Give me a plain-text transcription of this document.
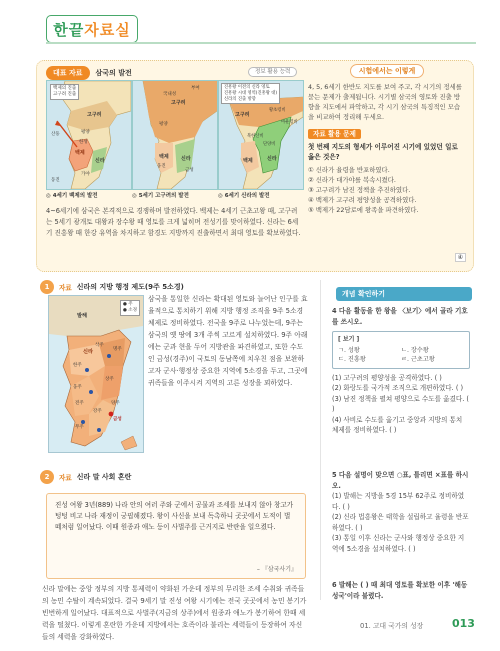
한끝 자료실
대표 자료	삼국의 발전	정보 활용 능력
백제의 진출
고구려 진출
고구려
백제
신라
평양
한성
가야
동진
산둥
고구려
백제 신라
국내성
평양
웅진
금성
부여	진흥왕 이전의 신라 영토
진흥왕 시대 영역(진흥왕 대)
신라의 진출 방향
고구려
신라
백제
황초령비
마운령비
단양비
북한산비
◎ 4세기 백제의 발전	◎ 5세기 고구려의 발전	◎ 6세기 신라의 발전
4~6세기에 삼국은 본격적으로 경쟁하며 발전하였다. 백제는 4세기 근초고왕 때, 고구려는 5세기 광개토 대왕과 장수왕 때 영토를 크게 넓히며 전성기를 맞이하였다. 신라는 6세기 진흥왕 때 한강 유역을 차지하고 함경도 지방까지 진출하면서 최대 영토를 확보하였다.
시험에서는 이렇게
4, 5, 6세기 한반도 지도를 보여 주고, 각 시기의 정세를 묻는 문제가 출제됩니다. 시기별 삼국의 영토와 진출 방향을 지도에서 파악하고, 각 시기 삼국의 특징적인 모습을 비교하여 정리해 두세요.
자료 활용 문제
첫 번째 지도의 형세가 이루어진 시기에 있었던 일로 옳은 것은?
① 신라가 율령을 반포하였다.
② 신라가 대가야를 복속시켰다.
③ 고구려가 남진 정책을 추진하였다.
④ 백제가 고구려 평양성을 공격하였다.
⑤ 백제가 22담로에 왕족을 파견하였다.
④
1	자료 신라의 지방 행정 제도(9주 5소경)
발해
신라
한주
삭주
명주
웅주
상주
전주
강주
양주
무주
금성
● 주
● 소경
삼국을 통일한 신라는 확대된 영토와 늘어난 인구를 효율적으로 통치하기 위해 지방 행정 조직을 9주 5소경 체제로 정비하였다. 전국을 9주로 나누었는데, 9주는 삼국의 옛 땅에 3개 주씩 고르게 설치하였다. 9주 아래에는 군과 현을 두어 지방관을 파견하였고, 또한 수도인 금성(경주)이 국토의 동남쪽에 치우친 점을 보완하고자 군사·행정상 중요한 지역에 5소경을 두고, 그곳에 귀족들을 이주시켜 지역의 고른 성장을 꾀하였다.
2	자료 신라 말 사회 혼란
진성 여왕 3년(889) 나라 안의 여러 주와 군에서 공물과 조세를 보내지 않아 창고가 텅텅 비고 나라 재정이 궁핍해졌다. 왕이 사신을 보내 독촉하니 곳곳에서 도적이 벌 떼처럼 일어났다. 이때 원종과 애노 등이 사벌주를 근거지로 반란을 일으켰다.
– 『삼국사기』
신라 말에는 중앙 정부의 지방 통제력이 약화된 가운데 정부의 무리한 조세 수취와 귀족들의 농민 수탈이 계속되었다. 결국 9세기 말 진성 여왕 시기에는 전국 곳곳에서 농민 봉기가 빈번하게 일어났다. 대표적으로 사벌주(지금의 상주)에서 원종과 애노가 봉기하여 한때 세력을 떨쳤다. 이렇게 혼란한 가운데 지방에서는 호족이라 불리는 세력들이 등장하여 자신들의 세력을 강화하였다.
개념 확인하기
4 다음 활동을 한 왕을 〈보기〉에서 골라 기호를 쓰시오.
[ 보기 ]
ㄱ. 성왕	ㄴ. 장수왕
ㄷ. 진흥왕	ㄹ. 근초고왕
(1) 고구려의 평양성을 공격하였다. ( )
(2) 화랑도를 국가적 조직으로 개편하였다. ( )
(3) 남진 정책을 펼쳐 평양으로 수도를 옮겼다. ( )
(4) 사비로 수도를 옮기고 중앙과 지방의 통치 체제를 정비하였다. ( )
5 다음 설명이 맞으면 ○표, 틀리면 ×표를 하시오.
(1) 발해는 지방을 5경 15부 62주로 정비하였다. ( )
(2) 신라 법흥왕은 태학을 설립하고 율령을 반포하였다. ( )
(3) 통일 이후 신라는 군사와 행정상 중요한 지역에 5소경을 설치하였다. ( )
6 발해는 ( ) 때 최대 영토를 확보한 이후 '해동성국'이라 불렸다.
01. 고대 국가의 성장	013
